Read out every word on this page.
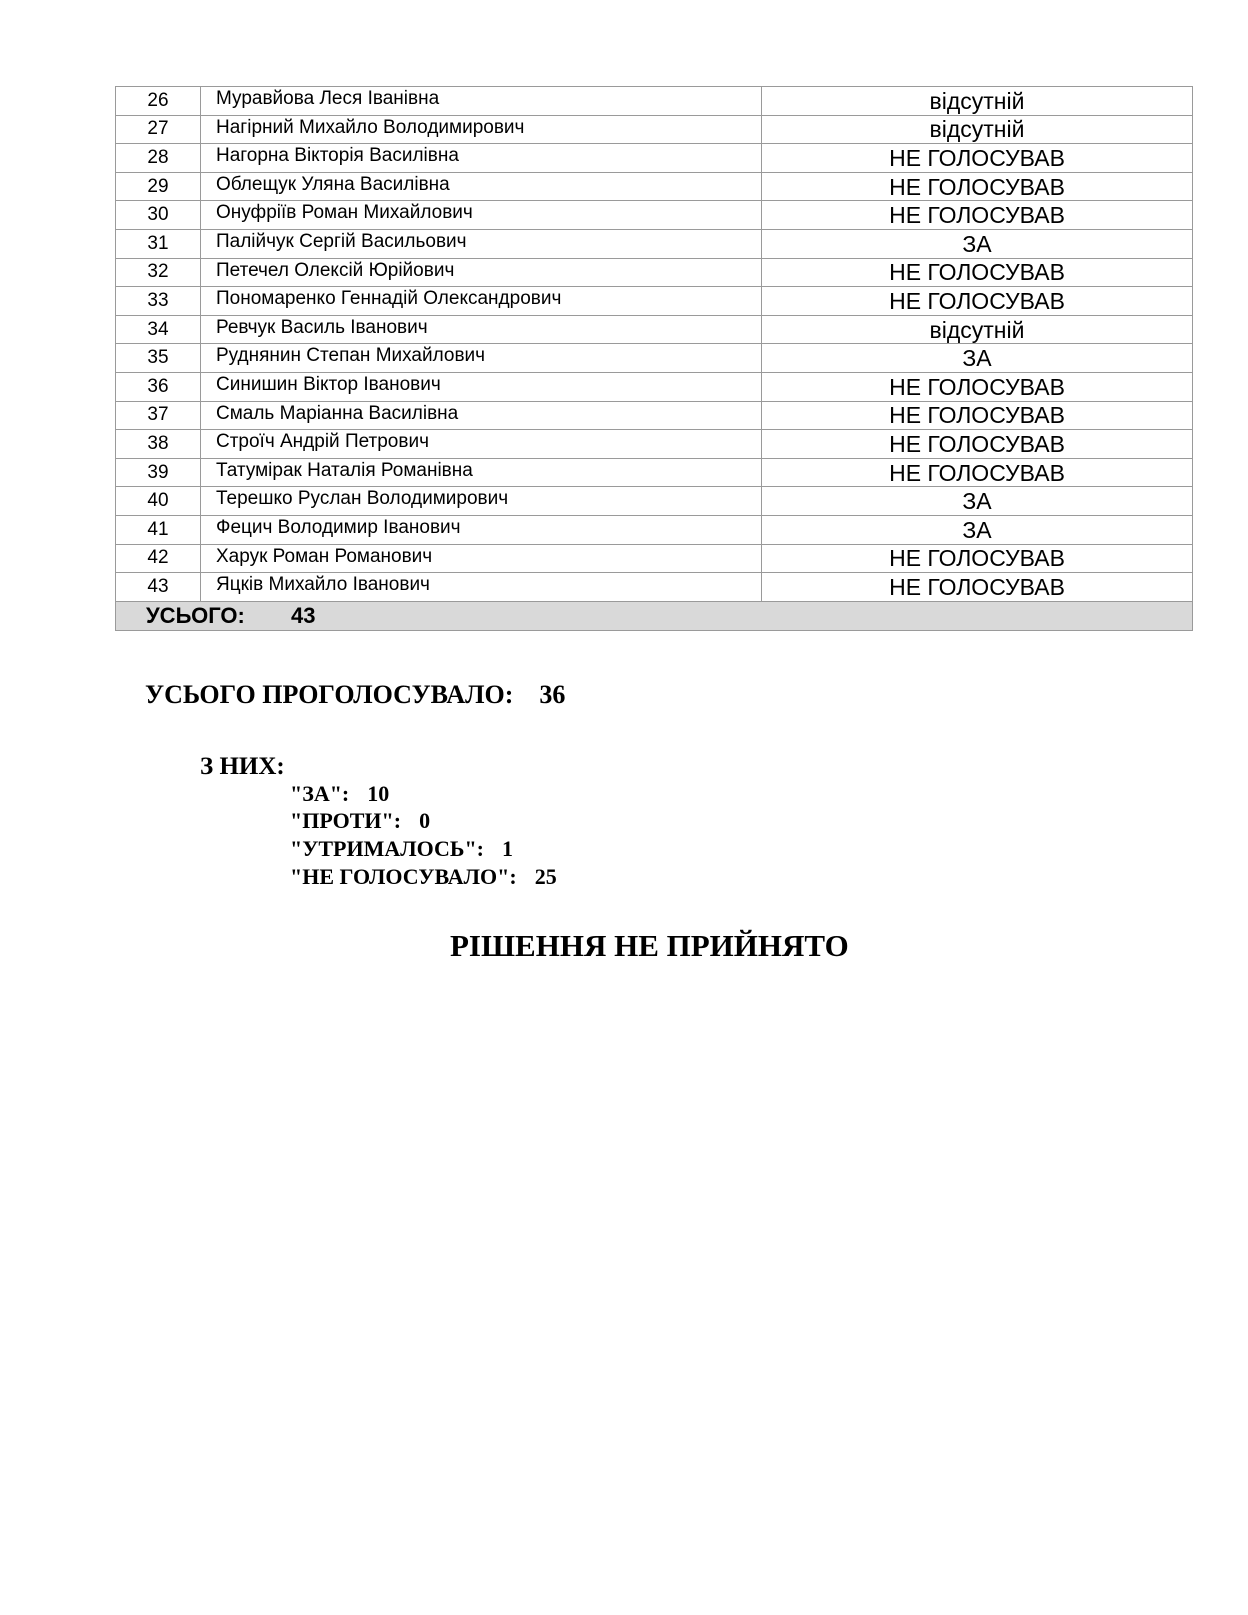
26	Муравйова Леся Іванівна	відсутній
27	Нагірний Михайло Володимирович	відсутній
28	Нагорна Вікторія Василівна	НЕ ГОЛОСУВАВ
29	Облещук Уляна Василівна	НЕ ГОЛОСУВАВ
30	Онуфріїв Роман Михайлович	НЕ ГОЛОСУВАВ
31	Палійчук Сергій Васильович	ЗА
32	Петечел Олексій Юрійович	НЕ ГОЛОСУВАВ
33	Пономаренко Геннадій Олександрович	НЕ ГОЛОСУВАВ
34	Ревчук Василь Іванович	відсутній
35	Руднянин Степан Михайлович	ЗА
36	Синишин Віктор Іванович	НЕ ГОЛОСУВАВ
37	Смаль Маріанна Василівна	НЕ ГОЛОСУВАВ
38	Строїч Андрій Петрович	НЕ ГОЛОСУВАВ
39	Татумірак Наталія Романівна	НЕ ГОЛОСУВАВ
40	Терешко Руслан Володимирович	ЗА
41	Фецич Володимир Іванович	ЗА
42	Харук Роман Романович	НЕ ГОЛОСУВАВ
43	Яцків Михайло Іванович	НЕ ГОЛОСУВАВ
УСЬОГО: 43		
УСЬОГО ПРОГОЛОСУВАЛО: 36
З НИХ:
"ЗА": 10
"ПРОТИ": 0
"УТРИМАЛОСЬ": 1
"НЕ ГОЛОСУВАЛО": 25
РІШЕННЯ НЕ ПРИЙНЯТО
